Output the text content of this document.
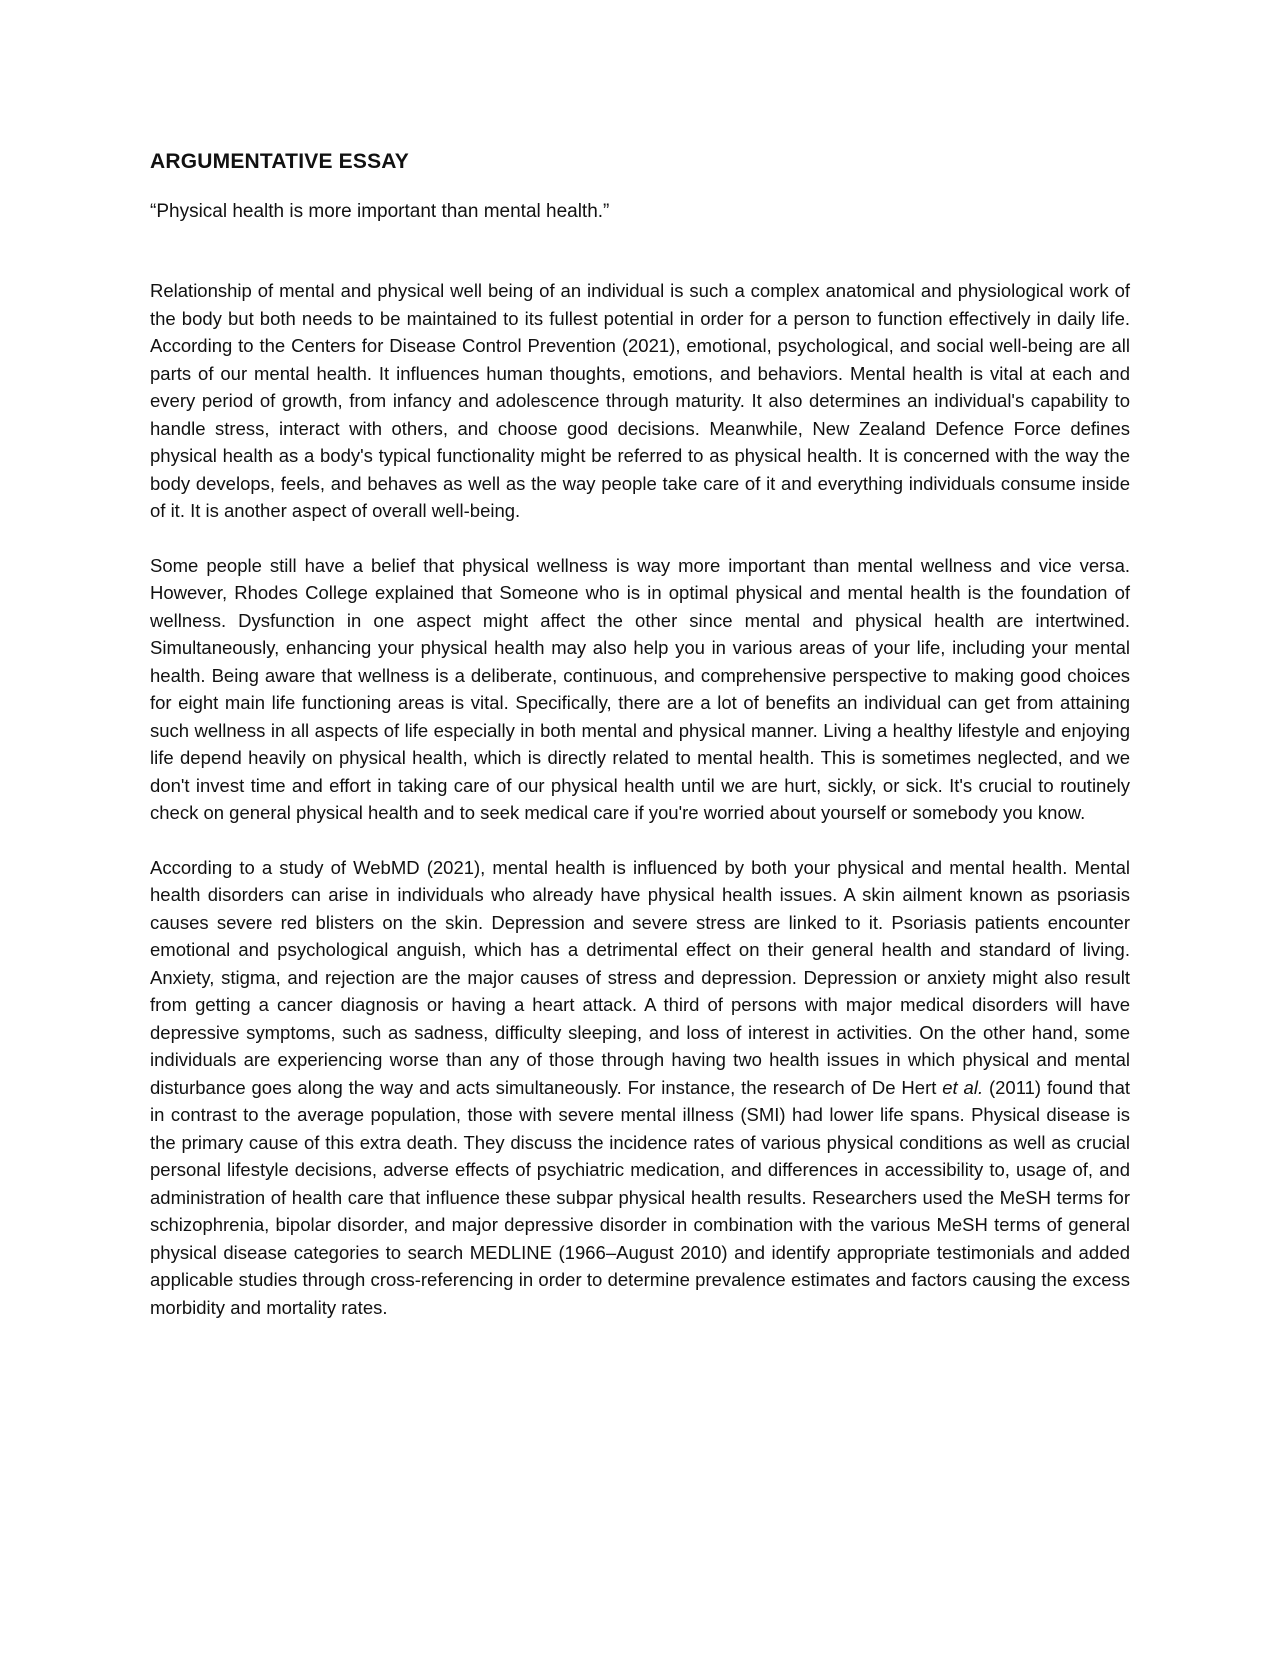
ARGUMENTATIVE ESSAY

“Physical health is more important than mental health.”

Relationship of mental and physical well being of an individual is such a complex anatomical and physiological work of the body but both needs to be maintained to its fullest potential in order for a person to function effectively in daily life. According to the Centers for Disease Control Prevention (2021), emotional, psychological, and social well-being are all parts of our mental health. It influences human thoughts, emotions, and behaviors. Mental health is vital at each and every period of growth, from infancy and adolescence through maturity. It also determines an individual's capability to handle stress, interact with others, and choose good decisions. Meanwhile, New Zealand Defence Force defines physical health as a body's typical functionality might be referred to as physical health. It is concerned with the way the body develops, feels, and behaves as well as the way people take care of it and everything individuals consume inside of it. It is another aspect of overall well-being.

Some people still have a belief that physical wellness is way more important than mental wellness and vice versa. However, Rhodes College explained that Someone who is in optimal physical and mental health is the foundation of wellness. Dysfunction in one aspect might affect the other since mental and physical health are intertwined. Simultaneously, enhancing your physical health may also help you in various areas of your life, including your mental health. Being aware that wellness is a deliberate, continuous, and comprehensive perspective to making good choices for eight main life functioning areas is vital. Specifically, there are a lot of benefits an individual can get from attaining such wellness in all aspects of life especially in both mental and physical manner. Living a healthy lifestyle and enjoying life depend heavily on physical health, which is directly related to mental health. This is sometimes neglected, and we don't invest time and effort in taking care of our physical health until we are hurt, sickly, or sick. It's crucial to routinely check on general physical health and to seek medical care if you're worried about yourself or somebody you know.

According to a study of WebMD (2021), mental health is influenced by both your physical and mental health. Mental health disorders can arise in individuals who already have physical health issues. A skin ailment known as psoriasis causes severe red blisters on the skin. Depression and severe stress are linked to it. Psoriasis patients encounter emotional and psychological anguish, which has a detrimental effect on their general health and standard of living. Anxiety, stigma, and rejection are the major causes of stress and depression. Depression or anxiety might also result from getting a cancer diagnosis or having a heart attack. A third of persons with major medical disorders will have depressive symptoms, such as sadness, difficulty sleeping, and loss of interest in activities. On the other hand, some individuals are experiencing worse than any of those through having two health issues in which physical and mental disturbance goes along the way and acts simultaneously. For instance, the research of De Hert et al. (2011) found that in contrast to the average population, those with severe mental illness (SMI) had lower life spans. Physical disease is the primary cause of this extra death. They discuss the incidence rates of various physical conditions as well as crucial personal lifestyle decisions, adverse effects of psychiatric medication, and differences in accessibility to, usage of, and administration of health care that influence these subpar physical health results. Researchers used the MeSH terms for schizophrenia, bipolar disorder, and major depressive disorder in combination with the various MeSH terms of general physical disease categories to search MEDLINE (1966–August 2010) and identify appropriate testimonials and added applicable studies through cross-referencing in order to determine prevalence estimates and factors causing the excess morbidity and mortality rates.
